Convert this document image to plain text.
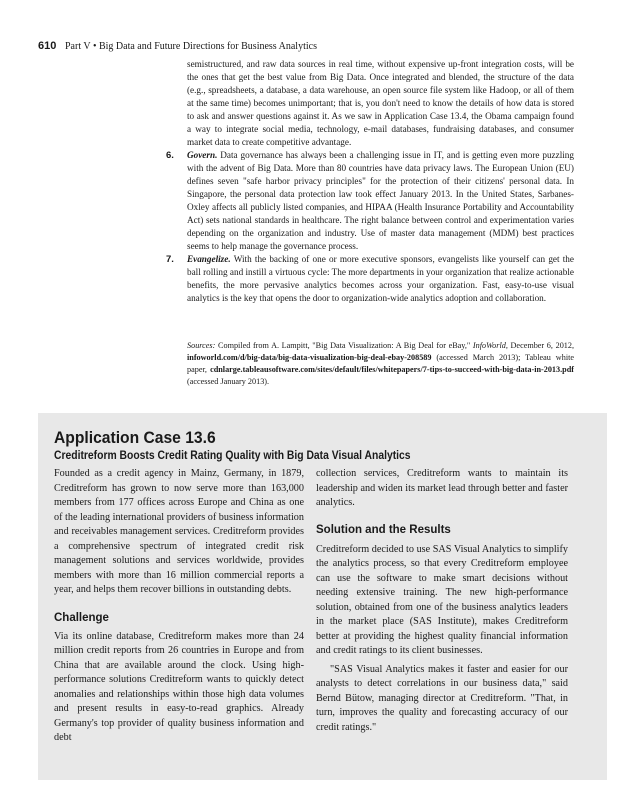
610 Part V • Big Data and Future Directions for Business Analytics

semistructured, and raw data sources in real time, without expensive up-front integration costs, will be the ones that get the best value from Big Data. Once integrated and blended, the structure of the data (e.g., spreadsheets, a database, a data warehouse, an open source file system like Hadoop, or all of them at the same time) becomes unimportant; that is, you don't need to know the details of how data is stored to ask and answer questions against it. As we saw in Application Case 13.4, the Obama campaign found a way to integrate social media, technology, e-mail databases, fundraising databases, and consumer market data to create competitive advantage.

6. Govern. Data governance has always been a challenging issue in IT, and is getting even more puzzling with the advent of Big Data. More than 80 countries have data privacy laws. The European Union (EU) defines seven "safe harbor privacy principles" for the protection of their citizens' personal data. In Singapore, the personal data protection law took effect January 2013. In the United States, Sarbanes-Oxley affects all publicly listed companies, and HIPAA (Health Insurance Portability and Accountability Act) sets national standards in healthcare. The right balance between control and experimentation varies depending on the organization and industry. Use of master data management (MDM) best practices seems to help manage the governance process.
7. Evangelize. With the backing of one or more executive sponsors, evangelists like yourself can get the ball rolling and instill a virtuous cycle: The more departments in your organization that realize actionable benefits, the more pervasive analytics becomes across your organization. Fast, easy-to-use visual analytics is the key that opens the door to organization-wide analytics adoption and collaboration.
Sources: Compiled from A. Lampitt, "Big Data Visualization: A Big Deal for eBay," InfoWorld, December 6, 2012, infoworld.com/d/big-data/big-data-visualization-big-deal-ebay-208589 (accessed March 2013); Tableau white paper, cdnlarge.tableausoftware.com/sites/default/files/whitepapers/7-tips-to-succeed-with-big-data-in-2013.pdf (accessed January 2013).
Application Case 13.6
Creditreform Boosts Credit Rating Quality with Big Data Visual Analytics

Founded as a credit agency in Mainz, Germany, in 1879, Creditreform has grown to now serve more than 163,000 members from 177 offices across Europe and China as one of the leading international providers of business information and receivables management services. Creditreform provides a comprehensive spectrum of integrated credit risk management solutions and services worldwide, provides members with more than 16 million commercial reports a year, and helps them recover billions in outstanding debts.

Challenge

Via its online database, Creditreform makes more than 24 million credit reports from 26 countries in Europe and from China that are available around the clock. Using high-performance solutions Creditreform wants to quickly detect anomalies and relationships within those high data volumes and present results in easy-to-read graphics. Already Germany's top provider of quality business information and debt

collection services, Creditreform wants to maintain its leadership and widen its market lead through better and faster analytics.

Solution and the Results

Creditreform decided to use SAS Visual Analytics to simplify the analytics process, so that every Creditreform employee can use the software to make smart decisions without needing extensive training. The new high-performance solution, obtained from one of the business analytics leaders in the market place (SAS Institute), makes Creditreform better at providing the highest quality financial information and credit ratings to its client businesses.

"SAS Visual Analytics makes it faster and easier for our analysts to detect correlations in our business data," said Bernd Bütow, managing director at Creditreform. "That, in turn, improves the quality and forecasting accuracy of our credit ratings."
